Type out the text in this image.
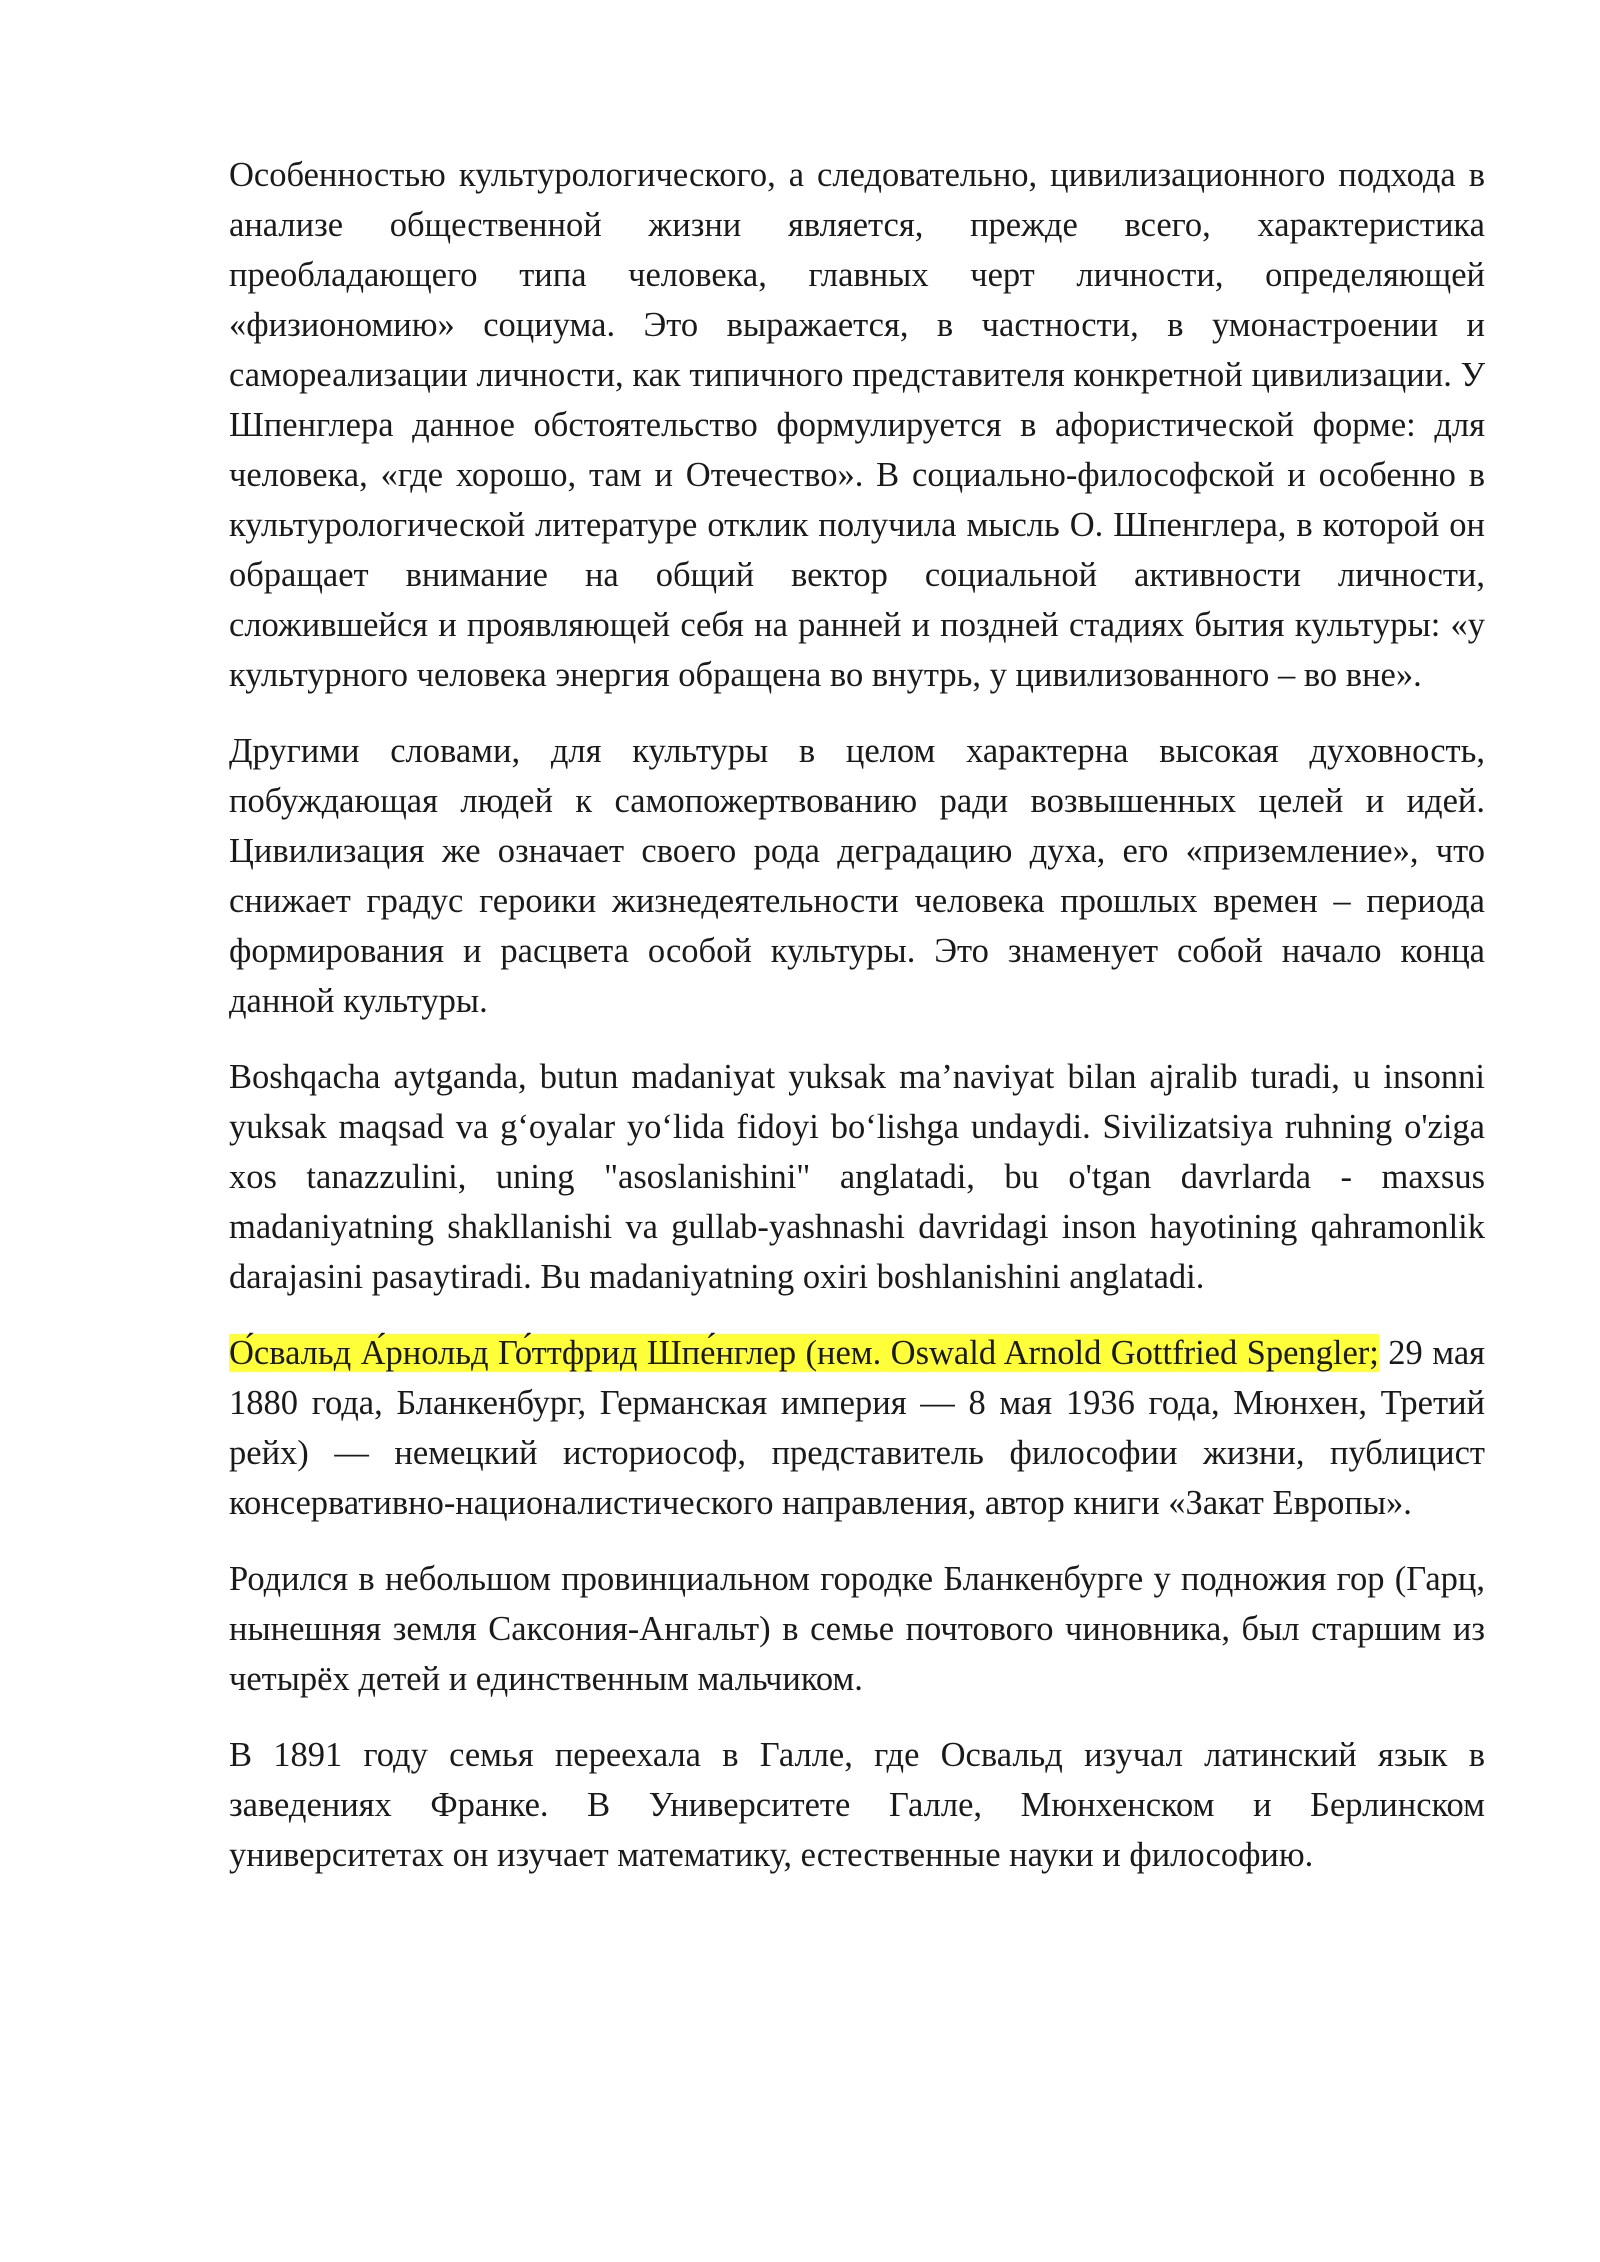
Особенностью культурологического, а следовательно, цивилизационного подхода в анализе общественной жизни является, прежде всего, характеристика преобладающего типа человека, главных черт личности, определяющей «физиономию» социума. Это выражается, в частности, в умонастроении и самореализации личности, как типичного представителя конкретной цивилизации. У Шпенглера данное обстоятельство формулируется в афористической форме: для человека, «где хорошо, там и Отечество». В социально-философской и особенно в культурологической литературе отклик получила мысль О. Шпенглера, в которой он обращает внимание на общий вектор социальной активности личности, сложившейся и проявляющей себя на ранней и поздней стадиях бытия культуры: «у культурного человека энергия обращена во внутрь, у цивилизованного – во вне».

Другими словами, для культуры в целом характерна высокая духовность, побуждающая людей к самопожертвованию ради возвышенных целей и идей. Цивилизация же означает своего рода деградацию духа, его «приземление», что снижает градус героики жизнедеятельности человека прошлых времен – периода формирования и расцвета особой культуры. Это знаменует собой начало конца данной культуры.

Boshqacha aytganda, butun madaniyat yuksak ma’naviyat bilan ajralib turadi, u insonni yuksak maqsad va g‘oyalar yo‘lida fidoyi bo‘lishga undaydi. Sivilizatsiya ruhning o'ziga xos tanazzulini, uning "asoslanishini" anglatadi, bu o'tgan davrlarda - maxsus madaniyatning shakllanishi va gullab-yashnashi davridagi inson hayotining qahramonlik darajasini pasaytiradi. Bu madaniyatning oxiri boshlanishini anglatadi.

О́свальд А́рнольд Го́ттфрид Шпе́нглер (нем. Oswald Arnold Gottfried Spengler; 29 мая 1880 года, Бланкенбург, Германская империя — 8 мая 1936 года, Мюнхен, Третий рейх) — немецкий историософ, представитель философии жизни, публицист консервативно-националистического направления, автор книги «Закат Европы».

Родился в небольшом провинциальном городке Бланкенбурге у подножия гор (Гарц, нынешняя земля Саксония-Ангальт) в семье почтового чиновника, был старшим из четырёх детей и единственным мальчиком.

В 1891 году семья переехала в Галле, где Освальд изучал латинский язык в заведениях Франке. В Университете Галле, Мюнхенском и Берлинском университетах он изучает математику, естественные науки и философию.
